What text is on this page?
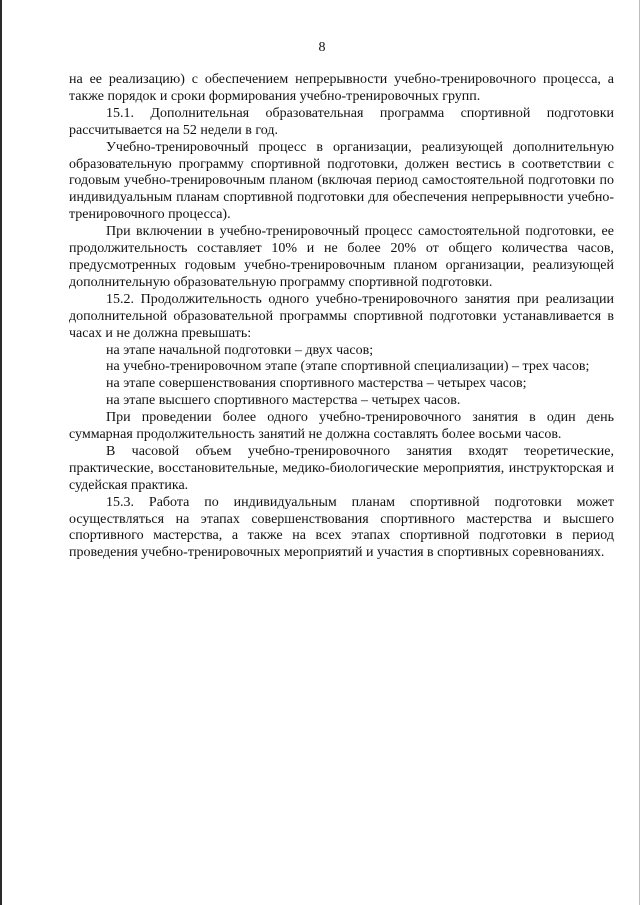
8

на ее реализацию) с обеспечением непрерывности учебно-тренировочного процесса, а также порядок и сроки формирования учебно-тренировочных групп.

15.1. Дополнительная образовательная программа спортивной подготовки рассчитывается на 52 недели в год.

Учебно-тренировочный процесс в организации, реализующей дополнительную образовательную программу спортивной подготовки, должен вестись в соответствии с годовым учебно-тренировочным планом (включая период самостоятельной подготовки по индивидуальным планам спортивной подготовки для обеспечения непрерывности учебно-тренировочного процесса).

При включении в учебно-тренировочный процесс самостоятельной подготовки, ее продолжительность составляет 10% и не более 20% от общего количества часов, предусмотренных годовым учебно-тренировочным планом организации, реализующей дополнительную образовательную программу спортивной подготовки.

15.2. Продолжительность одного учебно-тренировочного занятия при реализации дополнительной образовательной программы спортивной подготовки устанавливается в часах и не должна превышать:

на этапе начальной подготовки – двух часов;

на учебно-тренировочном этапе (этапе спортивной специализации) – трех часов;

на этапе совершенствования спортивного мастерства – четырех часов;

на этапе высшего спортивного мастерства – четырех часов.

При проведении более одного учебно-тренировочного занятия в один день суммарная продолжительность занятий не должна составлять более восьми часов.

В часовой объем учебно-тренировочного занятия входят теоретические, практические, восстановительные, медико-биологические мероприятия, инструкторская и судейская практика.

15.3. Работа по индивидуальным планам спортивной подготовки может осуществляться на этапах совершенствования спортивного мастерства и высшего спортивного мастерства, а также на всех этапах спортивной подготовки в период проведения учебно-тренировочных мероприятий и участия в спортивных соревнованиях.
